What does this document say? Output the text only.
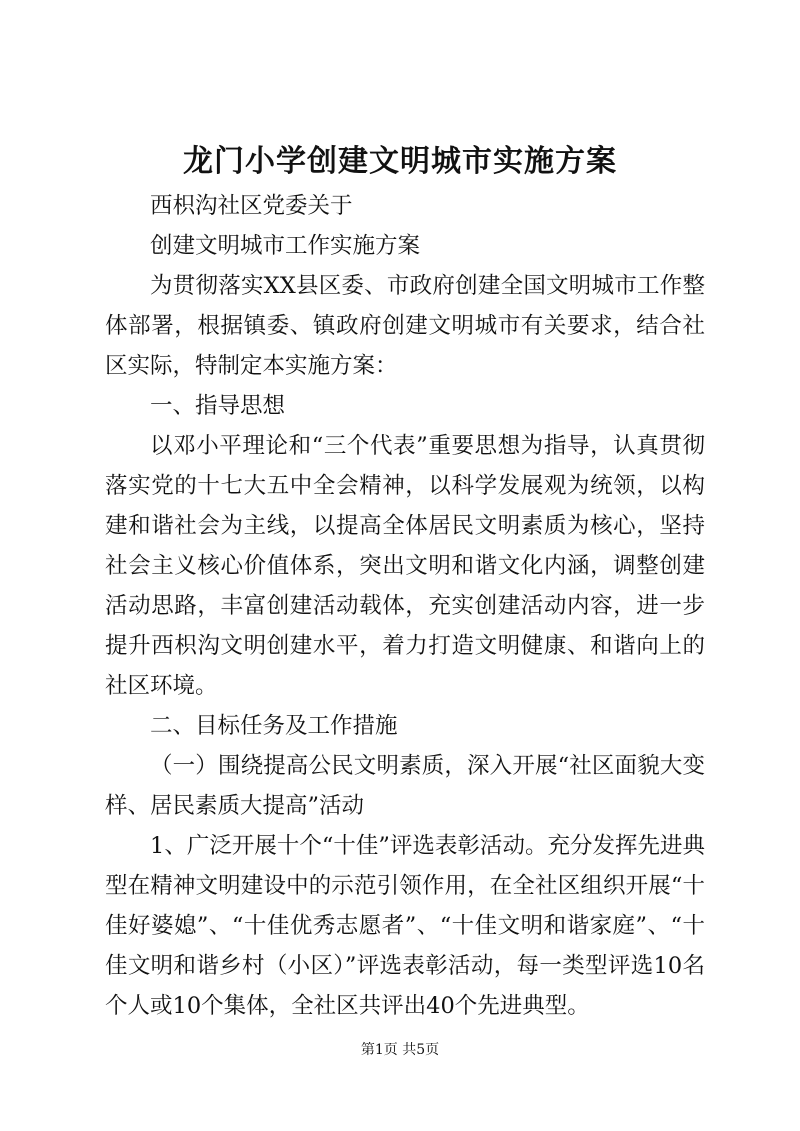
龙门小学创建文明城市实施方案

西枳沟社区党委关于

创建文明城市工作实施方案

为贯彻落实XX县区委、市政府创建全国文明城市工作整体部署，根据镇委、镇政府创建文明城市有关要求，结合社区实际，特制定本实施方案：

一、指导思想

以邓小平理论和“三个代表”重要思想为指导，认真贯彻落实党的十七大五中全会精神，以科学发展观为统领，以构建和谐社会为主线，以提高全体居民文明素质为核心，坚持社会主义核心价值体系，突出文明和谐文化内涵，调整创建活动思路，丰富创建活动载体，充实创建活动内容，进一步提升西枳沟文明创建水平，着力打造文明健康、和谐向上的社区环境。

二、目标任务及工作措施

（一）围绕提高公民文明素质，深入开展“社区面貌大变样、居民素质大提高”活动

1、广泛开展十个“十佳”评选表彰活动。充分发挥先进典型在精神文明建设中的示范引领作用，在全社区组织开展“十佳好婆媳”、“十佳优秀志愿者”、“十佳文明和谐家庭”、“十佳文明和谐乡村（小区）”评选表彰活动，每一类型评选10名个人或10个集体，全社区共评出40个先进典型。

第1页 共5页
